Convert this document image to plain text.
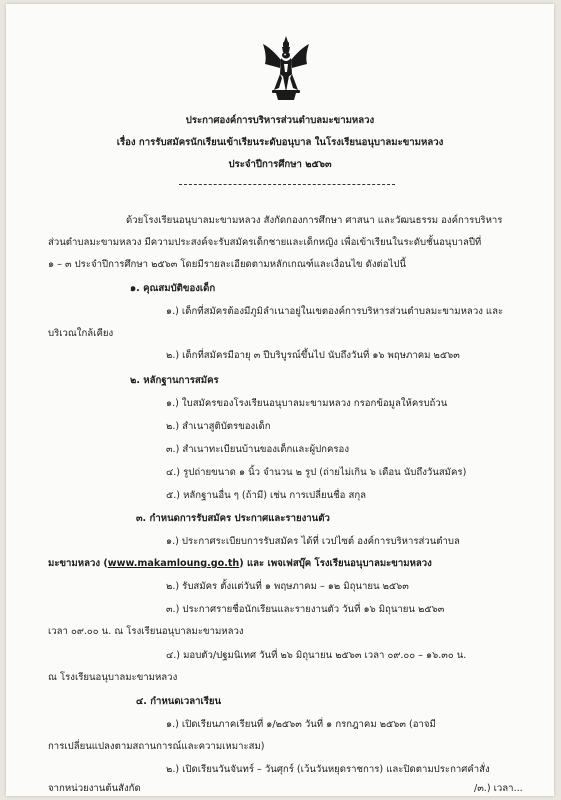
ประกาศองค์การบริหารส่วนตำบลมะขามหลวง
เรื่อง การรับสมัครนักเรียนเข้าเรียนระดับอนุบาล ในโรงเรียนอนุบาลมะขามหลวง
ประจำปีการศึกษา ๒๕๖๓
ด้วยโรงเรียนอนุบาลมะขามหลวง สังกัดกองการศึกษา ศาสนา และวัฒนธรรม องค์การบริหาร
ส่วนตำบลมะขามหลวง มีความประสงค์จะรับสมัครเด็กชายและเด็กหญิง เพื่อเข้าเรียนในระดับชั้นอนุบาลปีที่
๑ – ๓ ประจำปีการศึกษา ๒๕๖๓ โดยมีรายละเอียดตามหลักเกณฑ์และเงื่อนไข ดังต่อไปนี้
๑. คุณสมบัติของเด็ก
๑.) เด็กที่สมัครต้องมีภูมิลำเนาอยู่ในเขตองค์การบริหารส่วนตำบลมะขามหลวง และ
บริเวณใกล้เคียง
๒.) เด็กที่สมัครมีอายุ ๓ ปีบริบูรณ์ขึ้นไป นับถึงวันที่ ๑๖ พฤษภาคม ๒๕๖๓
๒. หลักฐานการสมัคร
๑.) ใบสมัครของโรงเรียนอนุบาลมะขามหลวง กรอกข้อมูลให้ครบถ้วน
๒.) สำเนาสูติบัตรของเด็ก
๓.) สำเนาทะเบียนบ้านของเด็กและผู้ปกครอง
๔.) รูปถ่ายขนาด ๑ นิ้ว จำนวน ๒ รูป (ถ่ายไม่เกิน ๖ เดือน นับถึงวันสมัคร)
๕.) หลักฐานอื่น ๆ (ถ้ามี) เช่น การเปลี่ยนชื่อ สกุล
๓. กำหนดการรับสมัคร ประกาศและรายงานตัว
๑.) ประกาศระเบียบการรับสมัคร ได้ที่ เวปไซต์ องค์การบริหารส่วนตำบล
มะขามหลวง (www.makamloung.go.th) และ เพจเฟสบุ๊ค โรงเรียนอนุบาลมะขามหลวง
๒.) รับสมัคร ตั้งแต่วันที่ ๑ พฤษภาคม – ๑๒ มิถุนายน ๒๕๖๓
๓.) ประกาศรายชื่อนักเรียนและรายงานตัว วันที่ ๑๖ มิถุนายน ๒๕๖๓
เวลา ๐๙.๐๐ น. ณ โรงเรียนอนุบาลมะขามหลวง
๔.) มอบตัว/ปฐมนิเทศ วันที่ ๒๖ มิถุนายน ๒๕๖๓ เวลา ๐๙.๐๐ – ๑๖.๓๐ น.
ณ โรงเรียนอนุบาลมะขามหลวง
๔. กำหนดเวลาเรียน
๑.) เปิดเรียนภาคเรียนที่ ๑/๒๕๖๓ วันที่ ๑ กรกฎาคม ๒๕๖๓ (อาจมี
การเปลี่ยนแปลงตามสถานการณ์และความเหมาะสม)
๒.) เปิดเรียนวันจันทร์ – วันศุกร์ (เว้นวันหยุดราชการ) และปิดตามประกาศคำสั่ง
จากหน่วยงานต้นสังกัด	/๓.) เวลา...
